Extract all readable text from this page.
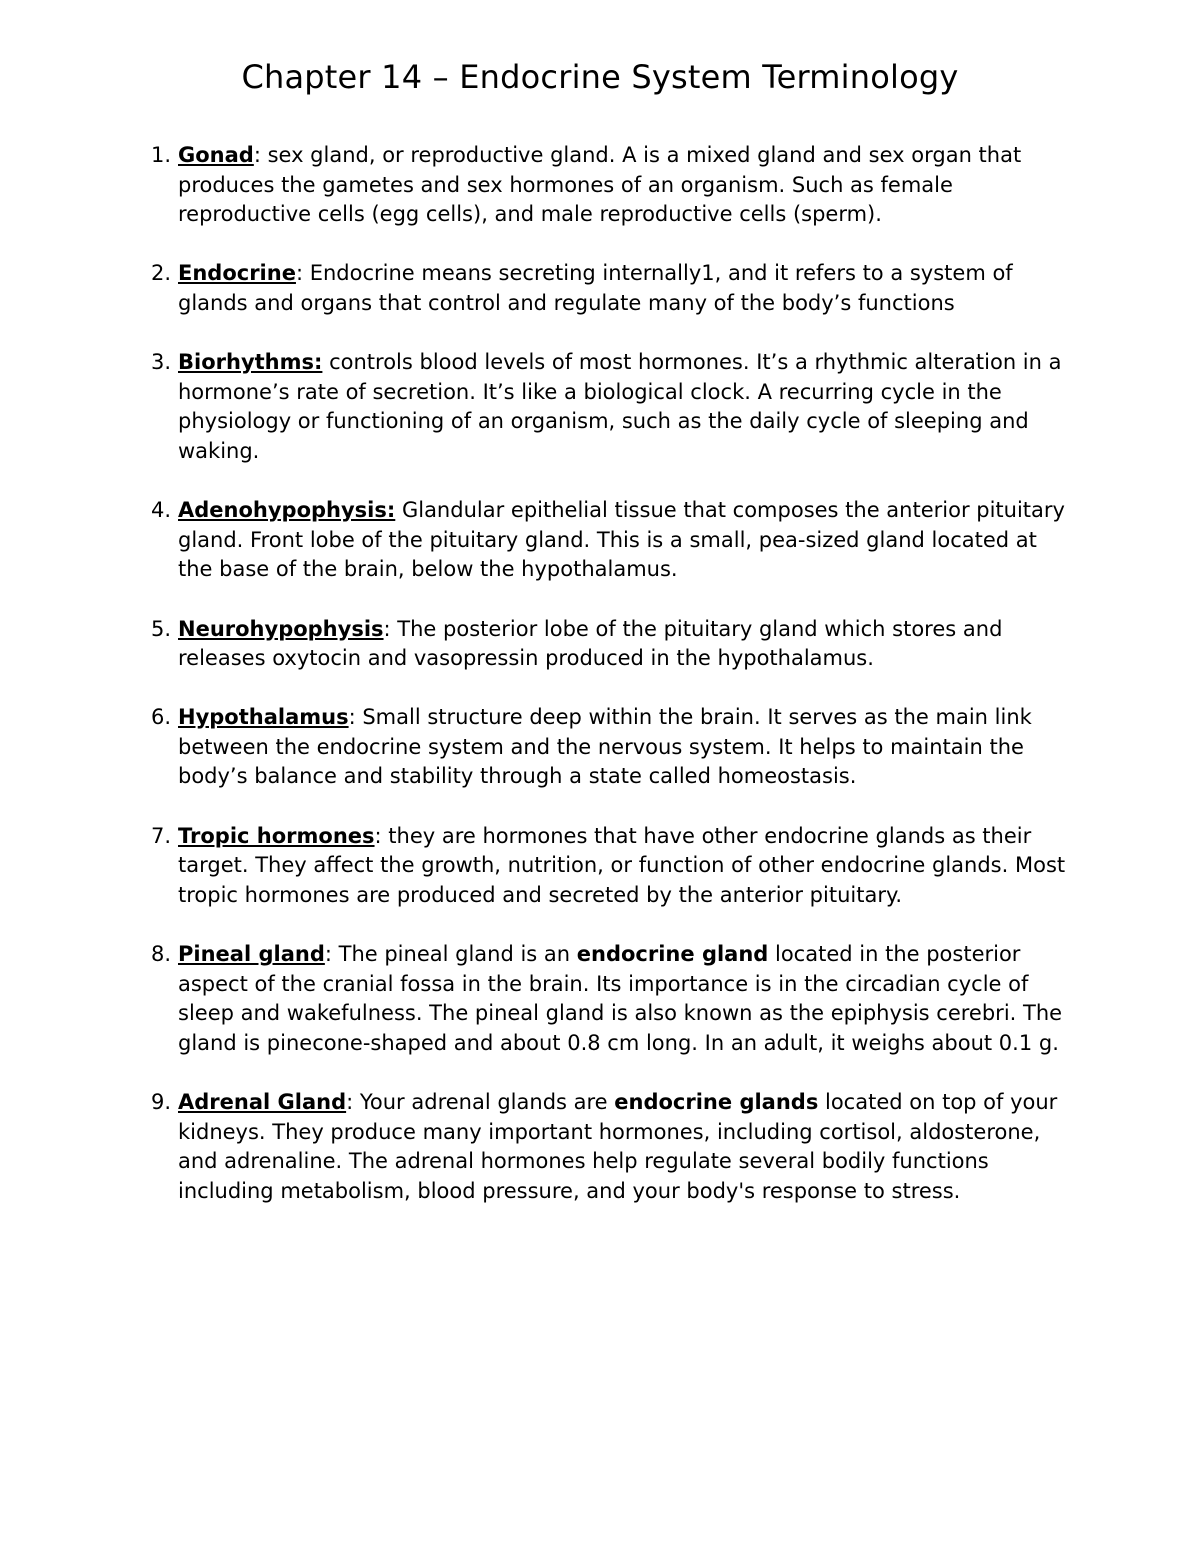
Chapter 14 – Endocrine System Terminology
1. Gonad: sex gland, or reproductive gland. A is a mixed gland and sex organ that produces the gametes and sex hormones of an organism. Such as female reproductive cells (egg cells), and male reproductive cells (sperm).
2. Endocrine: Endocrine means secreting internally1, and it refers to a system of glands and organs that control and regulate many of the body’s functions
3. Biorhythms: controls blood levels of most hormones. It’s a rhythmic alteration in a hormone’s rate of secretion. It’s like a biological clock. A recurring cycle in the physiology or functioning of an organism, such as the daily cycle of sleeping and waking.
4. Adenohypophysis: Glandular epithelial tissue that composes the anterior pituitary gland. Front lobe of the pituitary gland. This is a small, pea-sized gland located at the base of the brain, below the hypothalamus.
5. Neurohypophysis: The posterior lobe of the pituitary gland which stores and releases oxytocin and vasopressin produced in the hypothalamus.
6. Hypothalamus: Small structure deep within the brain. It serves as the main link between the endocrine system and the nervous system. It helps to maintain the body’s balance and stability through a state called homeostasis.
7. Tropic hormones: they are hormones that have other endocrine glands as their target. They affect the growth, nutrition, or function of other endocrine glands. Most tropic hormones are produced and secreted by the anterior pituitary.
8. Pineal gland: The pineal gland is an endocrine gland located in the posterior aspect of the cranial fossa in the brain. Its importance is in the circadian cycle of sleep and wakefulness. The pineal gland is also known as the epiphysis cerebri. The gland is pinecone-shaped and about 0.8 cm long. In an adult, it weighs about 0.1 g.
9. Adrenal Gland: Your adrenal glands are endocrine glands located on top of your kidneys. They produce many important hormones, including cortisol, aldosterone, and adrenaline. The adrenal hormones help regulate several bodily functions including metabolism, blood pressure, and your body's response to stress.
